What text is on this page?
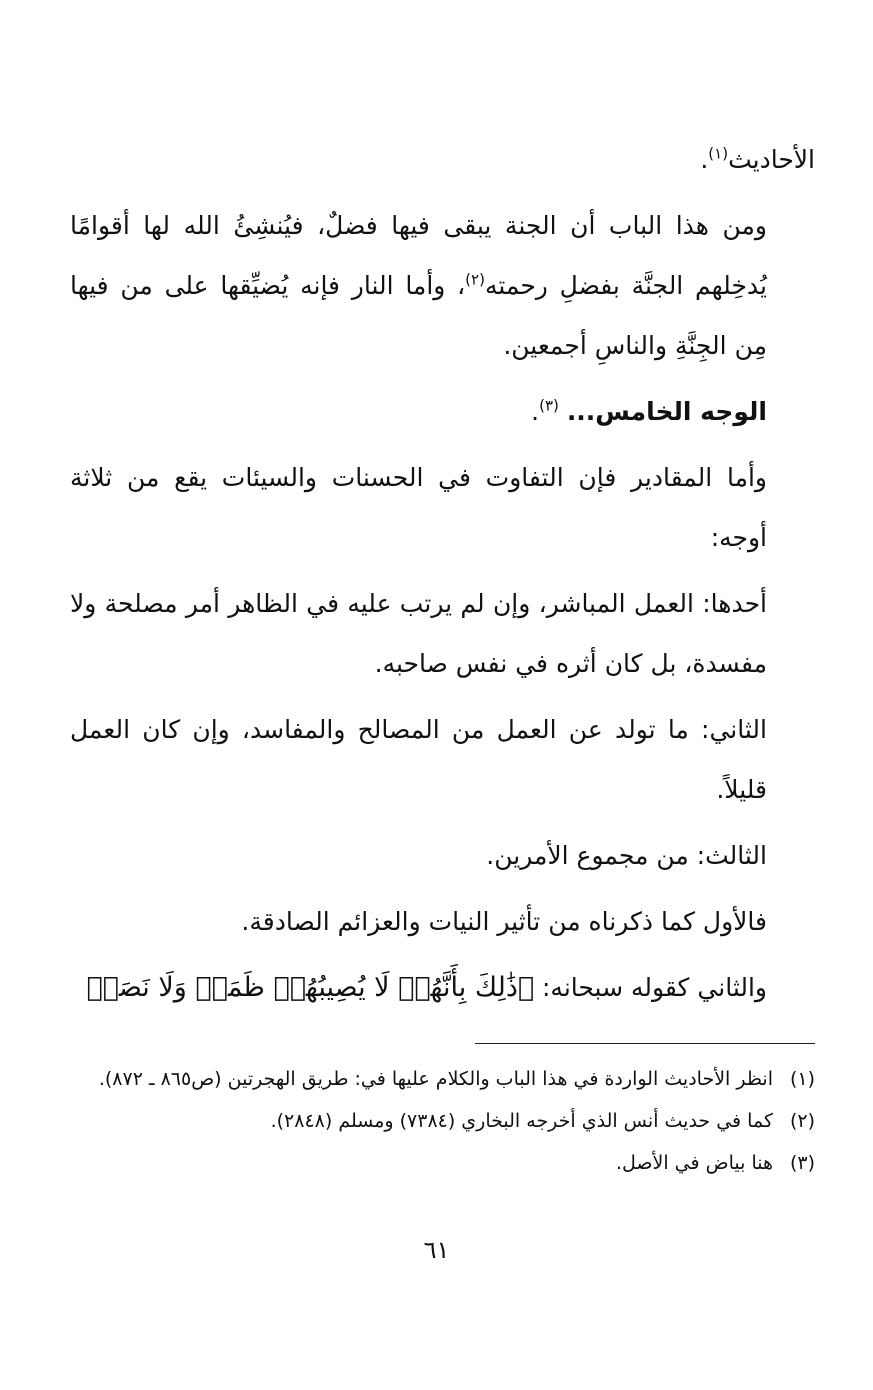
الأحاديث$^{(١)}$.

ومن هذا الباب أن الجنة يبقى فيها فضلٌ، فيُنشِئُ الله لها أقوامًا يُدخِلهم الجنَّة بفضلِ رحمته$^{(٢)}$، وأما النار فإنه يُضيِّقها على من فيها مِن الجِنَّةِ والناسِ أجمعين.

الوجه الخامس... $^{(٣)}$.

وأما المقادير فإن التفاوت في الحسنات والسيئات يقع من ثلاثة أوجه:

أحدها: العمل المباشر، وإن لم يرتب عليه في الظاهر أمر مصلحة ولا مفسدة، بل كان أثره في نفس صاحبه.

الثاني: ما تولد عن العمل من المصالح والمفاسد، وإن كان العمل قليلاً.

الثالث: من مجموع الأمرين.

فالأول كما ذكرناه من تأثير النيات والعزائم الصادقة.

والثاني كقوله سبحانه: ﴿ذَٰلِكَ بِأَنَّهُمۡ لَا يُصِيبُهُمۡ ظَمَأٞ وَلَا نَصَبٞ

(١)
انظر الأحاديث الواردة في هذا الباب والكلام عليها في: طريق الهجرتين (ص٨٦٥ ـ ٨٧٢).
(٢)
كما في حديث أنس الذي أخرجه البخاري (٧٣٨٤) ومسلم (٢٨٤٨).
(٣)
هنا بياض في الأصل.
٦١
